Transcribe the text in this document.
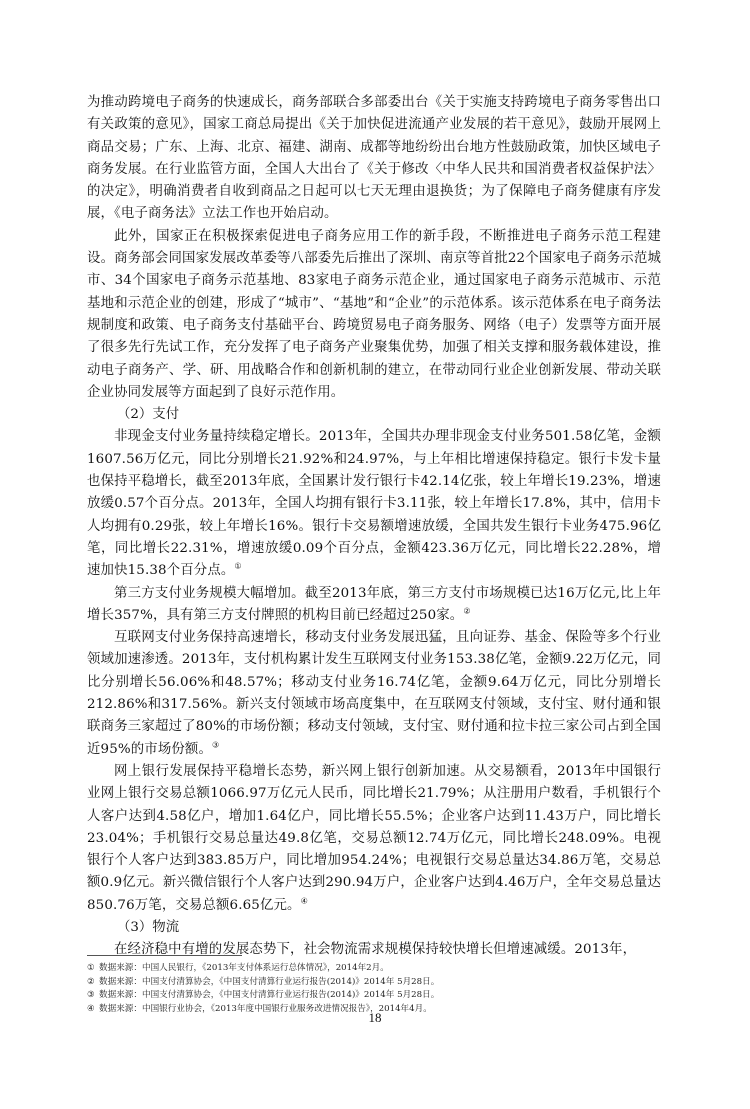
为推动跨境电子商务的快速成长，商务部联合多部委出台《关于实施支持跨境电子商务零售出口有关政策的意见》，国家工商总局提出《关于加快促进流通产业发展的若干意见》，鼓励开展网上商品交易；广东、上海、北京、福建、湖南、成都等地纷纷出台地方性鼓励政策，加快区域电子商务发展。在行业监管方面，全国人大出台了《关于修改〈中华人民共和国消费者权益保护法〉的决定》，明确消费者自收到商品之日起可以七天无理由退换货；为了保障电子商务健康有序发展，《电子商务法》立法工作也开始启动。

此外，国家正在积极探索促进电子商务应用工作的新手段，不断推进电子商务示范工程建设。商务部会同国家发展改革委等八部委先后推出了深圳、南京等首批22个国家电子商务示范城市、34个国家电子商务示范基地、83家电子商务示范企业，通过国家电子商务示范城市、示范基地和示范企业的创建，形成了“城市”、“基地”和“企业”的示范体系。该示范体系在电子商务法规制度和政策、电子商务支付基础平台、跨境贸易电子商务服务、网络（电子）发票等方面开展了很多先行先试工作，充分发挥了电子商务产业聚集优势，加强了相关支撑和服务载体建设，推动电子商务产、学、研、用战略合作和创新机制的建立，在带动同行业企业创新发展、带动关联企业协同发展等方面起到了良好示范作用。

（2）支付

非现金支付业务量持续稳定增长。2013年，全国共办理非现金支付业务501.58亿笔，金额1607.56万亿元，同比分别增长21.92%和24.97%，与上年相比增速保持稳定。银行卡发卡量也保持平稳增长，截至2013年底，全国累计发行银行卡42.14亿张，较上年增长19.23%，增速放缓0.57个百分点。2013年，全国人均拥有银行卡3.11张，较上年增长17.8%，其中，信用卡人均拥有0.29张，较上年增长16%。银行卡交易额增速放缓，全国共发生银行卡业务475.96亿笔，同比增长22.31%，增速放缓0.09个百分点，金额423.36万亿元，同比增长22.28%，增速加快15.38个百分点。①

第三方支付业务规模大幅增加。截至2013年底，第三方支付市场规模已达16万亿元,比上年增长357%，具有第三方支付牌照的机构目前已经超过250家。②

互联网支付业务保持高速增长，移动支付业务发展迅猛，且向证券、基金、保险等多个行业领域加速渗透。2013年，支付机构累计发生互联网支付业务153.38亿笔，金额9.22万亿元，同比分别增长56.06%和48.57%；移动支付业务16.74亿笔，金额9.64万亿元，同比分别增长212.86%和317.56%。新兴支付领域市场高度集中，在互联网支付领域，支付宝、财付通和银联商务三家超过了80%的市场份额；移动支付领域，支付宝、财付通和拉卡拉三家公司占到全国近95%的市场份额。③

网上银行发展保持平稳增长态势，新兴网上银行创新加速。从交易额看，2013年中国银行业网上银行交易总额1066.97万亿元人民币，同比增长21.79%；从注册用户数看，手机银行个人客户达到4.58亿户，增加1.64亿户，同比增长55.5%；企业客户达到11.43万户，同比增长23.04%；手机银行交易总量达49.8亿笔，交易总额12.74万亿元，同比增长248.09%。电视银行个人客户达到383.85万户，同比增加954.24%；电视银行交易总量达34.86万笔，交易总额0.9亿元。新兴微信银行个人客户达到290.94万户，企业客户达到4.46万户，全年交易总量达850.76万笔，交易总额6.65亿元。④

（3）物流

在经济稳中有增的发展态势下，社会物流需求规模保持较快增长但增速减缓。2013年，

① 数据来源：中国人民银行，《2013年支付体系运行总体情况》，2014年2月。

② 数据来源：中国支付清算协会，《中国支付清算行业运行报告(2014)》2014年 5月28日。

③ 数据来源：中国支付清算协会，《中国支付清算行业运行报告(2014)》2014年 5月28日。

④ 数据来源：中国银行业协会，《2013年度中国银行业服务改进情况报告》，2014年4月。

18
